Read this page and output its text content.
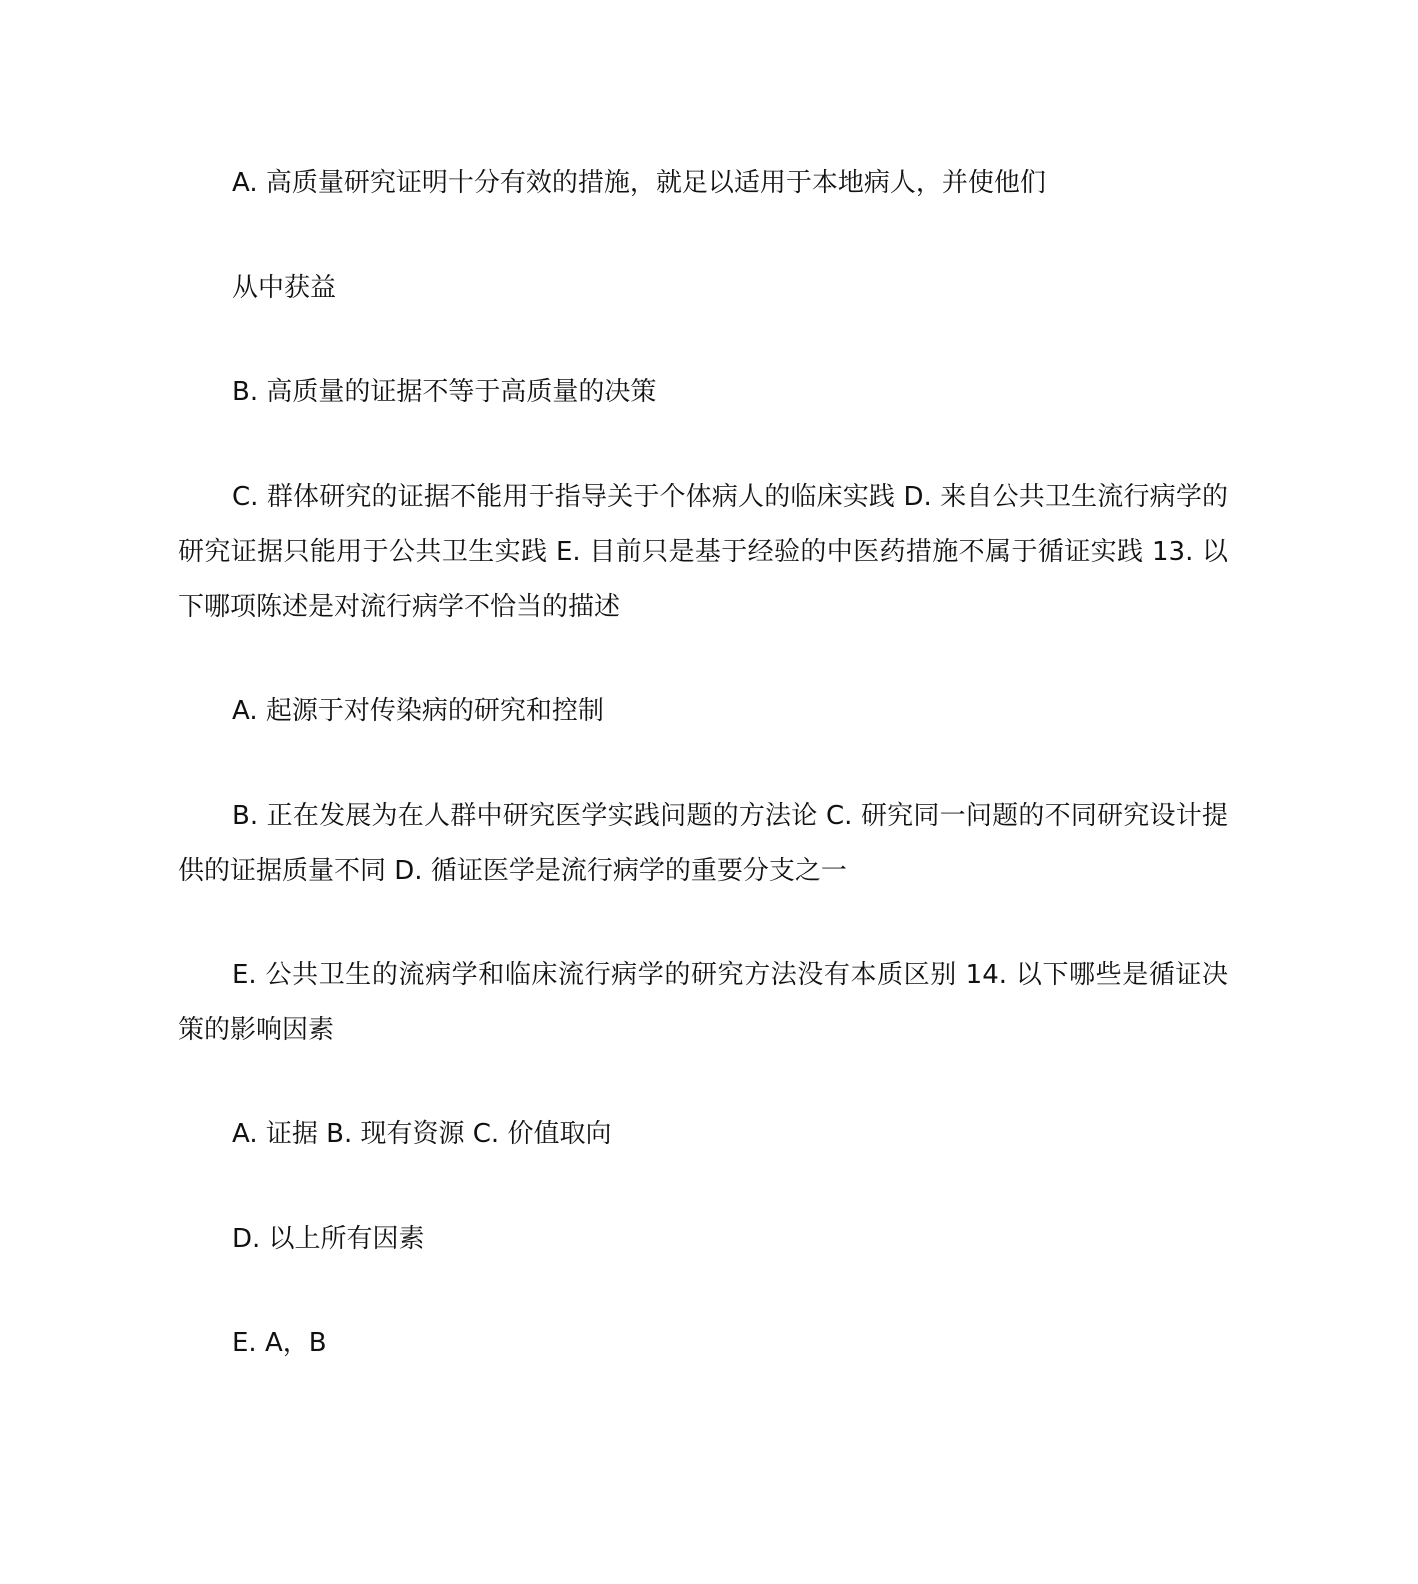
A. 高质量研究证明十分有效的措施，就足以适用于本地病人，并使他们

从中获益

B. 高质量的证据不等于高质量的决策

C. 群体研究的证据不能用于指导关于个体病人的临床实践 D. 来自公共卫生流行病学的研究证据只能用于公共卫生实践 E. 目前只是基于经验的中医药措施不属于循证实践 13. 以下哪项陈述是对流行病学不恰当的描述

A. 起源于对传染病的研究和控制

B. 正在发展为在人群中研究医学实践问题的方法论 C. 研究同一问题的不同研究设计提供的证据质量不同 D. 循证医学是流行病学的重要分支之一

E. 公共卫生的流病学和临床流行病学的研究方法没有本质区别 14. 以下哪些是循证决策的影响因素

A. 证据 B. 现有资源 C. 价值取向

D. 以上所有因素

E. A，B
